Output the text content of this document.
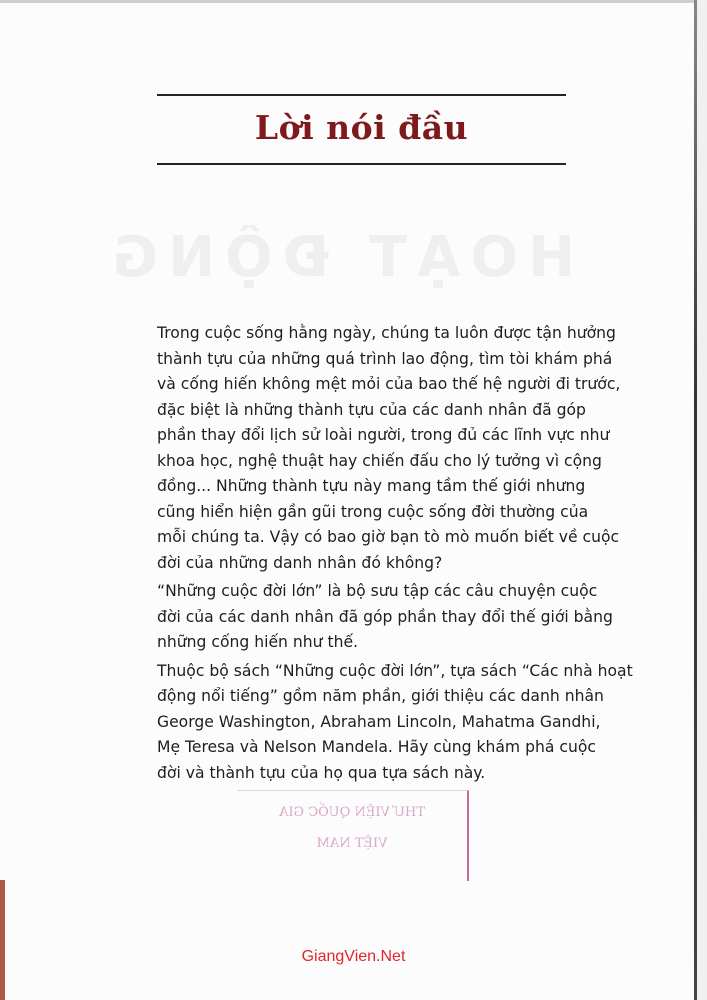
HOẠT ĐỘNG
Lời nói đầu
Trong cuộc sống hằng ngày, chúng ta luôn được tận hưởng
thành tựu của những quá trình lao động, tìm tòi khám phá
và cống hiến không mệt mỏi của bao thế hệ người đi trước,
đặc biệt là những thành tựu của các danh nhân đã góp
phần thay đổi lịch sử loài người, trong đủ các lĩnh vực như
khoa học, nghệ thuật hay chiến đấu cho lý tưởng vì cộng
đồng... Những thành tựu này mang tầm thế giới nhưng
cũng hiển hiện gần gũi trong cuộc sống đời thường của
mỗi chúng ta. Vậy có bao giờ bạn tò mò muốn biết về cuộc
đời của những danh nhân đó không?
“Những cuộc đời lớn” là bộ sưu tập các câu chuyện cuộc
đời của các danh nhân đã góp phần thay đổi thế giới bằng
những cống hiến như thế.
Thuộc bộ sách “Những cuộc đời lớn”, tựa sách “Các nhà hoạt
động nổi tiếng” gồm năm phần, giới thiệu các danh nhân
George Washington, Abraham Lincoln, Mahatma Gandhi,
Mẹ Teresa và Nelson Mandela. Hãy cùng khám phá cuộc
đời và thành tựu của họ qua tựa sách này.
THƯ VIỆN QUỐC GIA
VIỆT NAM
GiangVien.Net
